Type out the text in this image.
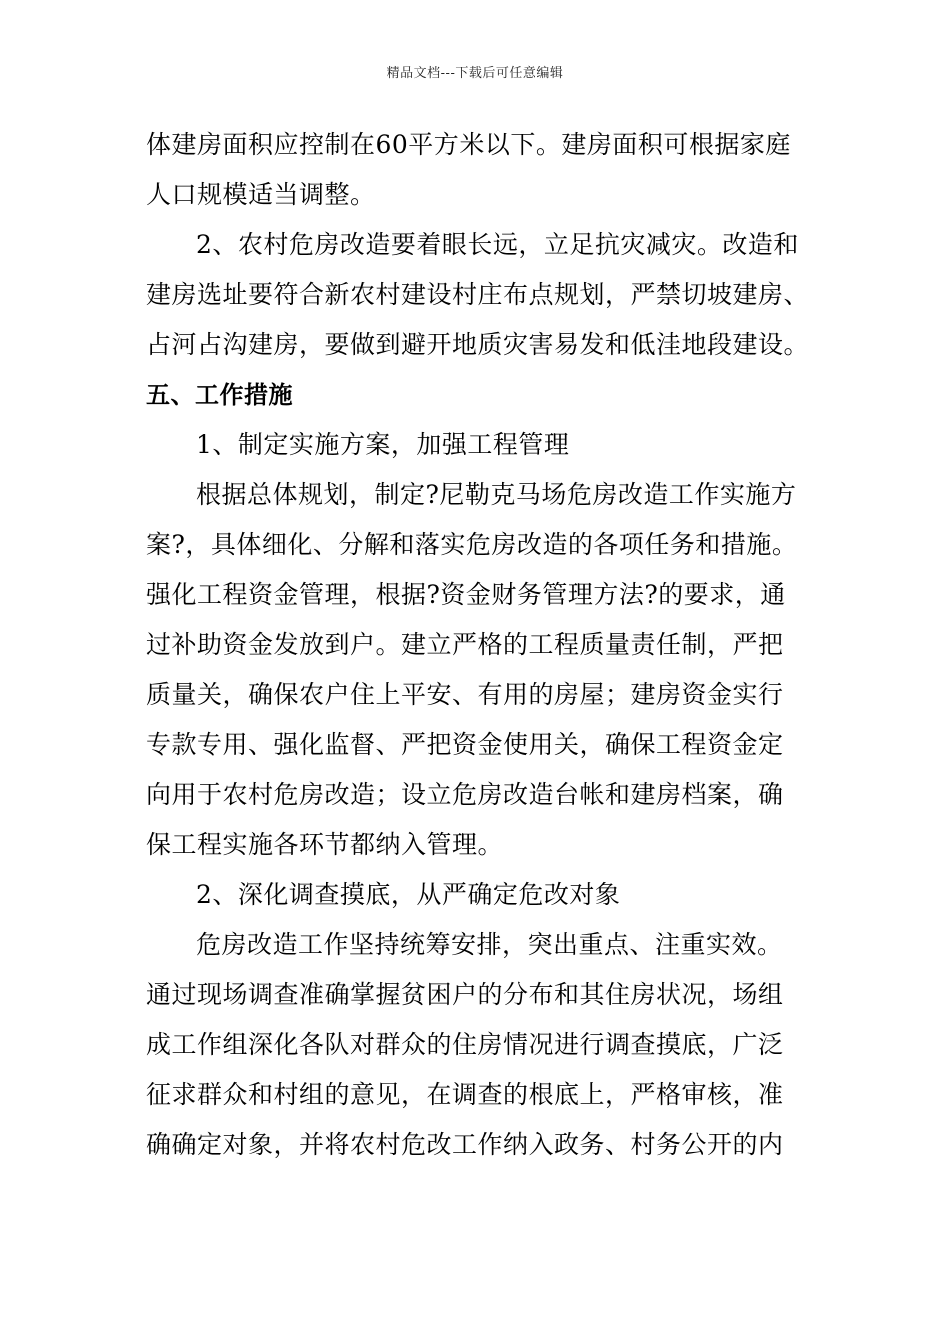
精品文档---下载后可任意编辑
体建房面积应控制在60平方米以下。建房面积可根据家庭
人口规模适当调整。
2、农村危房改造要着眼长远，立足抗灾减灾。改造和
建房选址要符合新农村建设村庄布点规划，严禁切坡建房、
占河占沟建房，要做到避开地质灾害易发和低洼地段建设。
五、工作措施
1、制定实施方案，加强工程管理
根据总体规划，制定?尼勒克马场危房改造工作实施方
案?，具体细化、分解和落实危房改造的各项任务和措施。
强化工程资金管理，根据?资金财务管理方法?的要求，通
过补助资金发放到户。建立严格的工程质量责任制，严把
质量关，确保农户住上平安、有用的房屋；建房资金实行
专款专用、强化监督、严把资金使用关，确保工程资金定
向用于农村危房改造；设立危房改造台帐和建房档案，确
保工程实施各环节都纳入管理。
2、深化调查摸底，从严确定危改对象
危房改造工作坚持统筹安排，突出重点、注重实效。
通过现场调查准确掌握贫困户的分布和其住房状况，场组
成工作组深化各队对群众的住房情况进行调查摸底，广泛
征求群众和村组的意见，在调查的根底上，严格审核，准
确确定对象，并将农村危改工作纳入政务、村务公开的内
